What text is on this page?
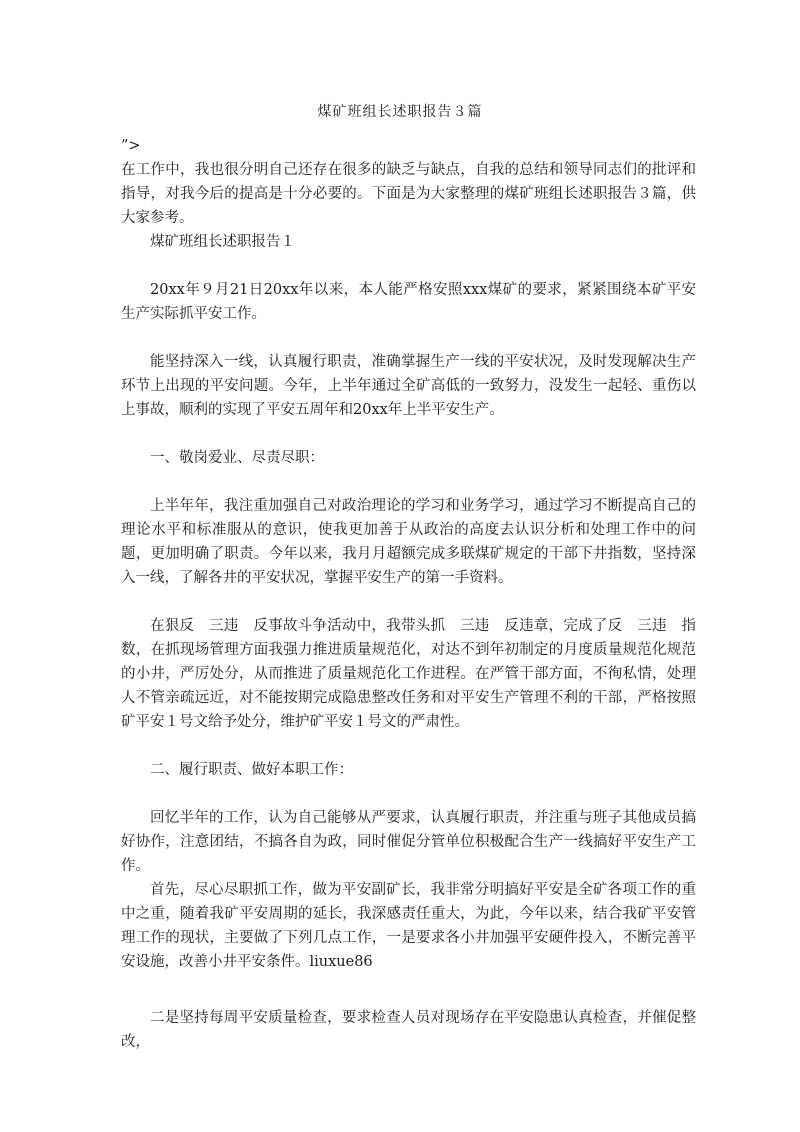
煤矿班组长述职报告３篇

”>

在工作中，我也很分明自己还存在很多的缺乏与缺点，自我的总结和领导同志们的批评和指导，对我今后的提高是十分必要的。下面是为大家整理的煤矿班组长述职报告３篇，供大家参考。

煤矿班组长述职报告１

20xx年９月21日20xx年以来，本人能严格安照xxx煤矿的要求，紧紧围绕本矿平安生产实际抓平安工作。

能坚持深入一线，认真履行职责，准确掌握生产一线的平安状况，及时发现解决生产环节上出现的平安问题。今年，上半年通过全矿高低的一致努力，没发生一起轻、重伤以上事故，顺利的实现了平安五周年和20xx年上半平安生产。

一、敬岗爱业、尽责尽职：

上半年年，我注重加强自己对政治理论的学习和业务学习，通过学习不断提高自己的理论水平和标准服从的意识，使我更加善于从政治的高度去认识分析和处理工作中的问题，更加明确了职责。今年以来，我月月超额完成多联煤矿规定的干部下井指数，坚持深入一线，了解各井的平安状况，掌握平安生产的第一手资料。

在狠反　三违　反事故斗争活动中，我带头抓　三违　反违章，完成了反　三违　指数，在抓现场管理方面我强力推进质量规范化，对达不到年初制定的月度质量规范化规范的小井，严厉处分，从而推进了质量规范化工作进程。在严管干部方面，不徇私情，处理人不管亲疏远近，对不能按期完成隐患整改任务和对平安生产管理不利的干部，严格按照矿平安１号文给予处分，维护矿平安１号文的严肃性。

二、履行职责、做好本职工作：

回忆半年的工作，认为自己能够从严要求，认真履行职责，并注重与班子其他成员搞好协作，注意团结，不搞各自为政，同时催促分管单位积极配合生产一线搞好平安生产工作。

首先，尽心尽职抓工作，做为平安副矿长，我非常分明搞好平安是全矿各项工作的重中之重，随着我矿平安周期的延长，我深感责任重大，为此，今年以来，结合我矿平安管理工作的现状，主要做了下列几点工作，一是要求各小井加强平安硬件投入，不断完善平安设施，改善小井平安条件。liuxue86

二是坚持每周平安质量检查，要求检查人员对现场存在平安隐患认真检查，并催促整改，
